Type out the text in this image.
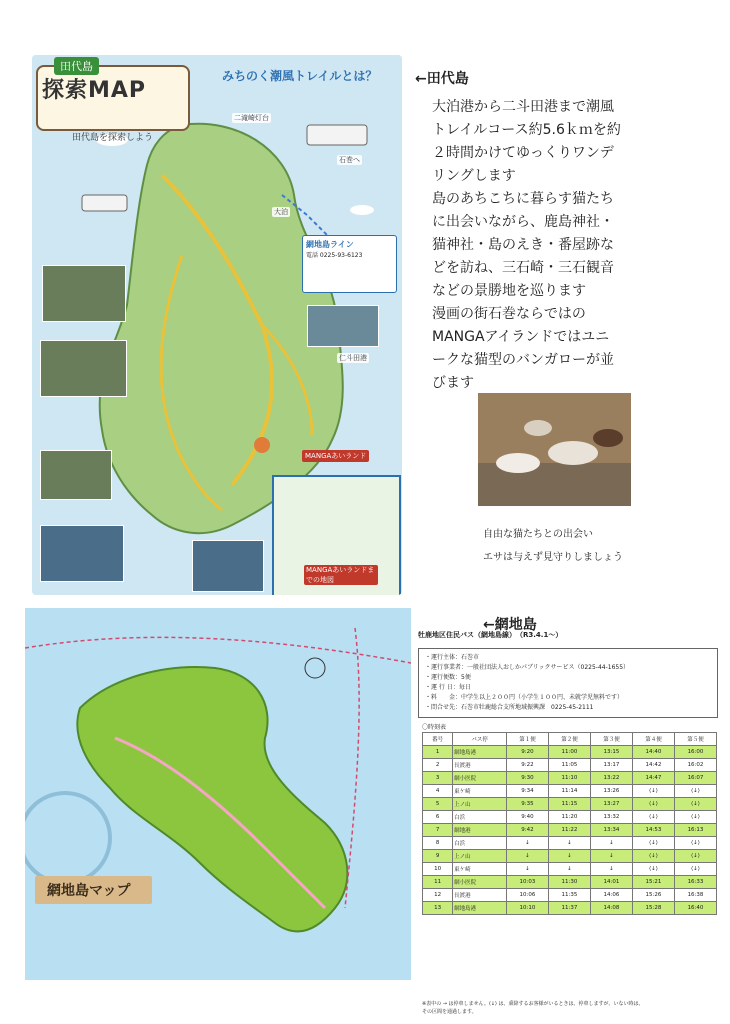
田代島
探索MAP
みちのく潮風トレイルとは？
田代島を探索しよう
二滝崎灯台
石巻へ
大泊
仁斗田港
網地島ライン
電話 0225-93-6123
MANGAあいランド
MANGAあいランドまでの地図
←田代島
大泊港から二斗田港まで潮風トレイルコース約5.6ｋｍを約２時間かけてゆっくりワンデリングします
島のあちこちに暮らす猫たちに出会いながら、鹿島神社・猫神社・島のえき・番屋跡などを訪ね、三石崎・三石観音などの景勝地を巡ります
漫画の街石巻ならではのMANGAアイランドではユニークな猫型のバンガローが並びます
自由な猫たちとの出会い
エサは与えず見守りしましょう
網地島マップ
←網地島
牡鹿地区住民バス（網地島線）　（R3.4.1〜）
・運行主体：石巻市
・運行事業者：一般社団法人おしかパブリックサービス（0225-44-1655）
・運行便数：5便
・運 行 日：毎日
・料　　金：中学生以上２００円（小学生１００円、未就学児無料です）
・問合せ先：石巻市牡鹿総合支所地域振興課　0225-45-2111
〇時刻表
番号	バス停	第１便	第２便	第３便	第４便	第５便
1	網地島港	9:20	11:00	13:15	14:40	16:00
2	長渡港	9:22	11:05	13:17	14:42	16:02
3	網小医院	9:30	11:10	13:22	14:47	16:07
4	東ケ崎	9:34	11:14	13:26	⟨↓⟩	⟨↓⟩
5	上ノ山	9:35	11:15	13:27	⟨↓⟩	⟨↓⟩
6	白浜	9:40	11:20	13:32	⟨↓⟩	⟨↓⟩
7	網地港	9:42	11:22	13:34	14:53	16:13
8	白浜	↓	↓	↓	⟨↓⟩	⟨↓⟩
9	上ノ山	↓	↓	↓	⟨↓⟩	⟨↓⟩
10	東ケ崎	↓	↓	↓	⟨↓⟩	⟨↓⟩
11	網小医院	10:03	11:30	14:01	15:21	16:33
12	長渡港	10:06	11:35	14:06	15:26	16:38
13	網地島港	10:10	11:37	14:08	15:28	16:40
※表中の → は停車しません。⟨↓⟩ は、乗降するお客様がいるときは、停車しますが、いない時は、
その区間を通過します。
